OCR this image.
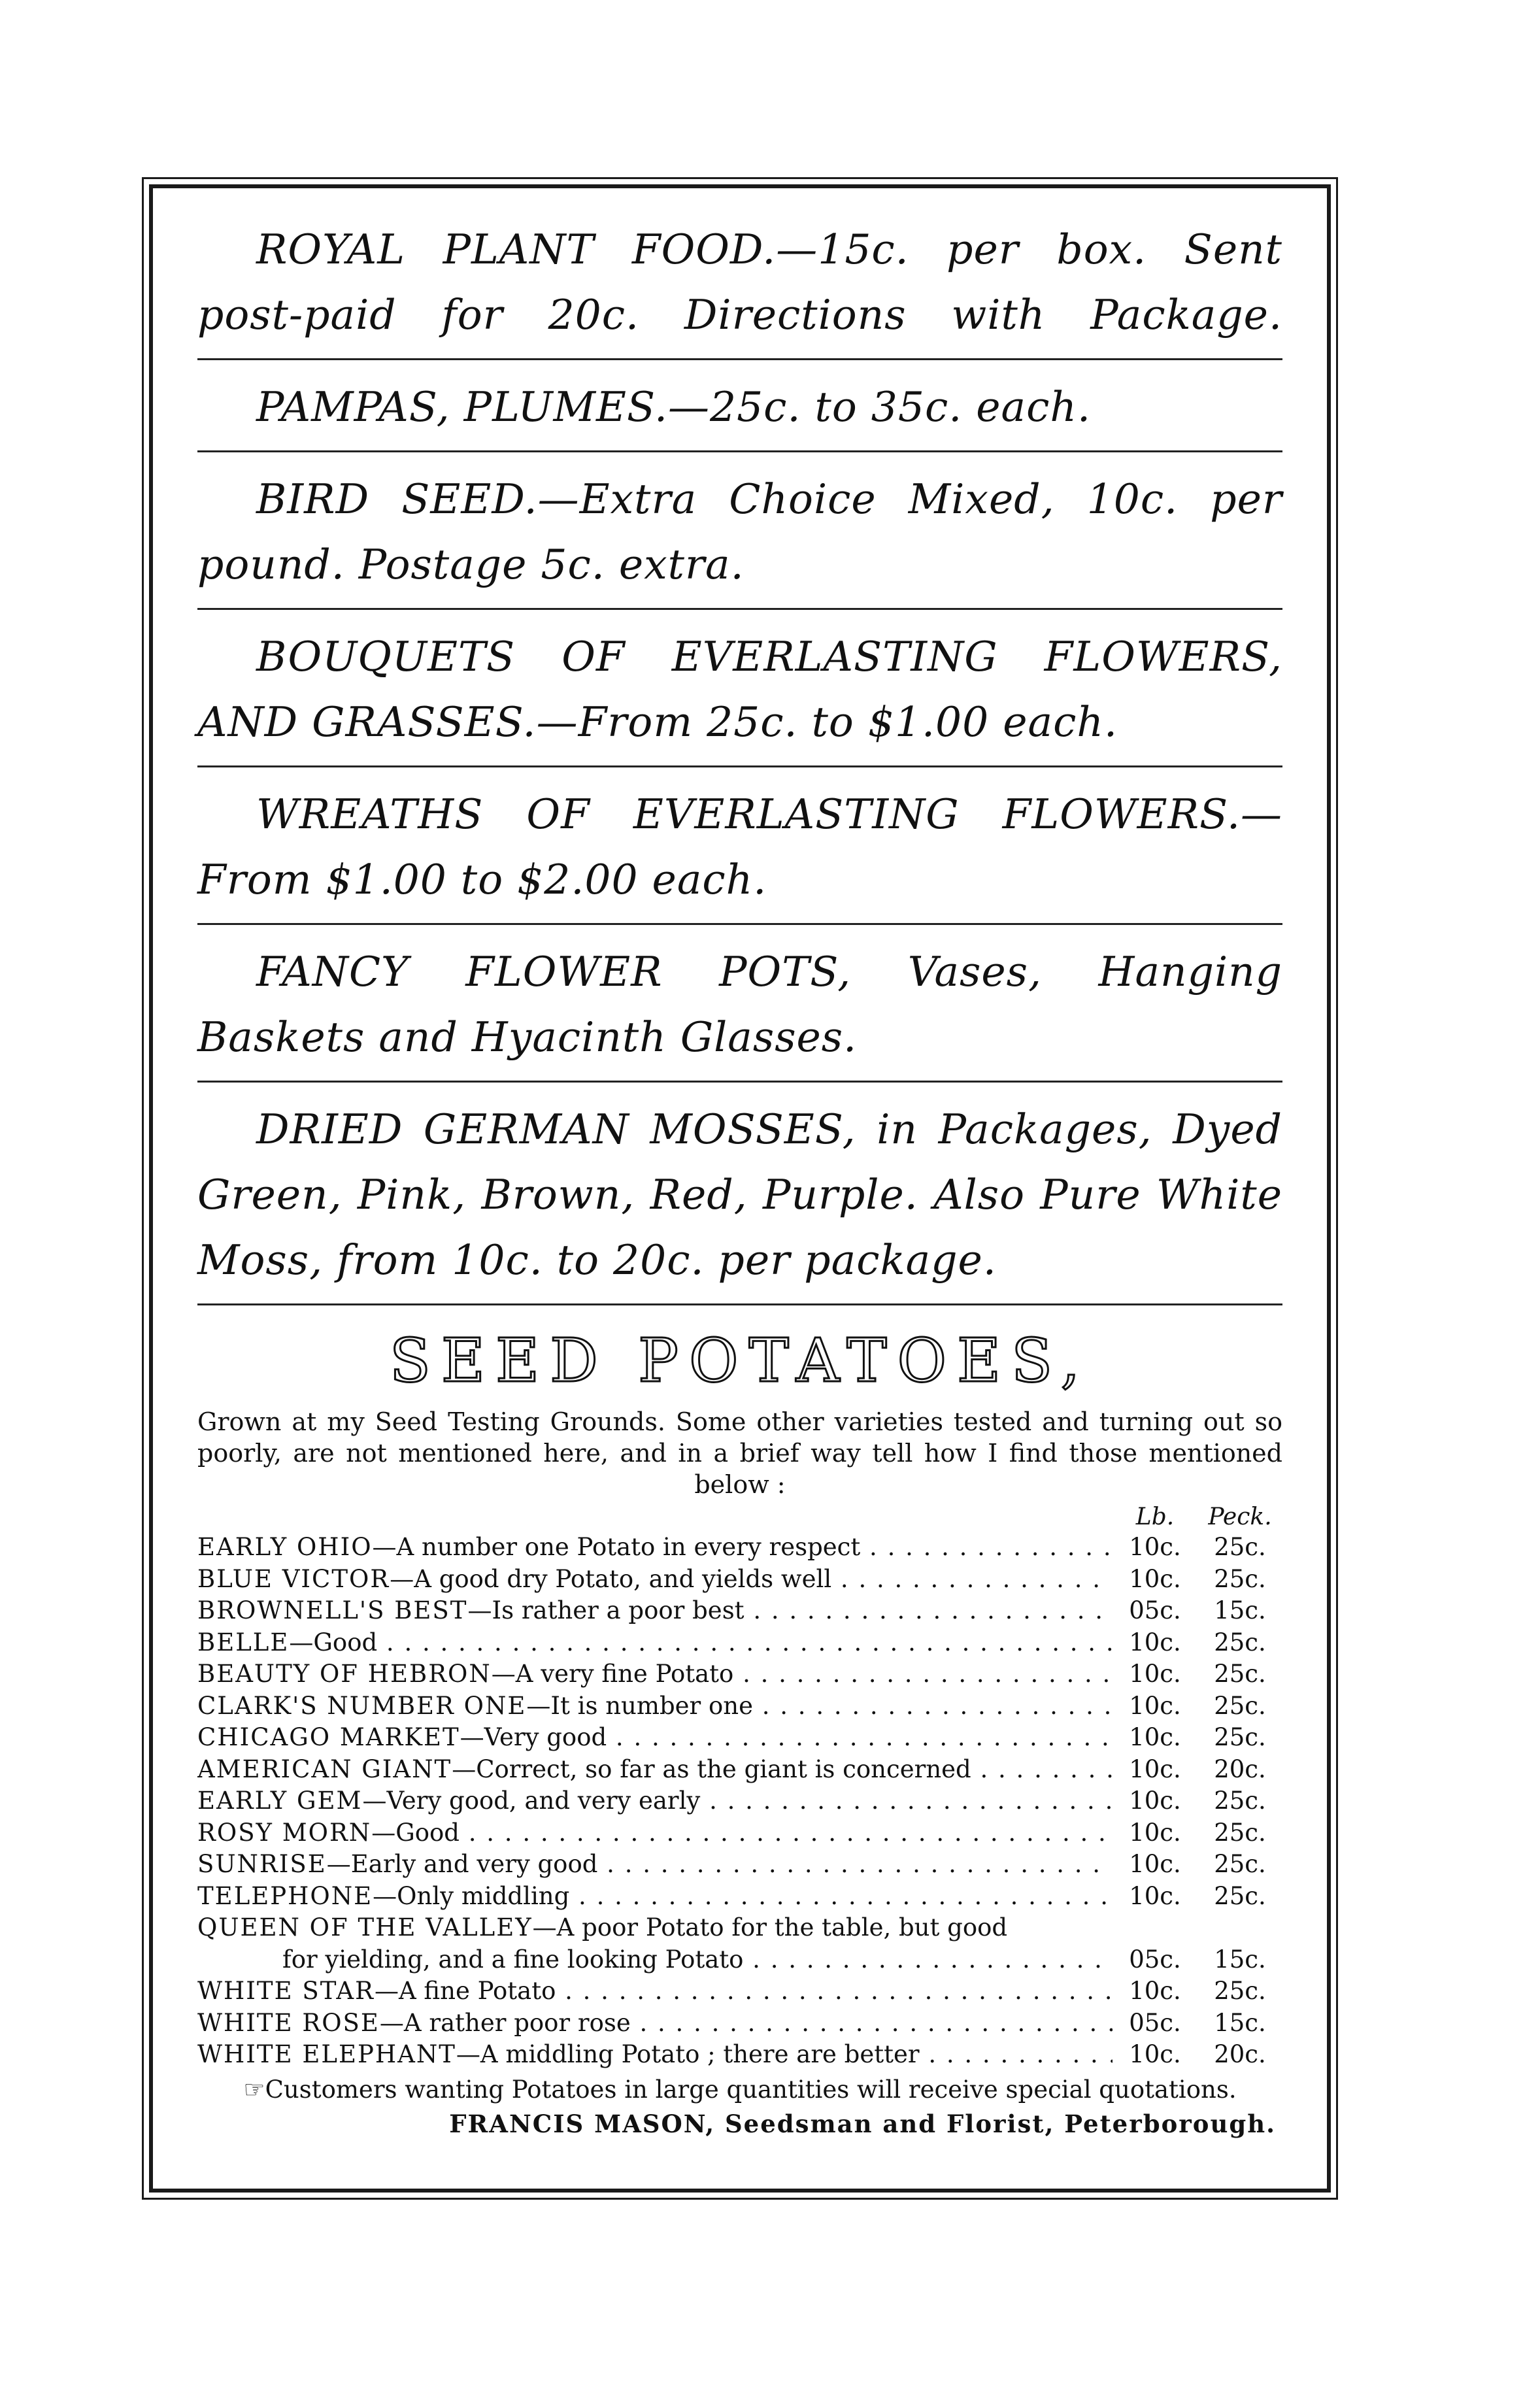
ROYAL PLANT FOOD.—15c. per box. Sent post-paid for 20c. Directions with Package.

PAMPAS, PLUMES.—25c. to 35c. each.

BIRD SEED.—Extra Choice Mixed, 10c. per pound. Postage 5c. extra.

BOUQUETS OF EVERLASTING FLOWERS, AND GRASSES.—From 25c. to $1.00 each.

WREATHS OF EVERLASTING FLOWERS.—From $1.00 to $2.00 each.

FANCY FLOWER POTS, Vases, Hanging Baskets and Hyacinth Glasses.

DRIED GERMAN MOSSES, in Packages, Dyed Green, Pink, Brown, Red, Purple. Also Pure White Moss, from 10c. to 20c. per package.

SEED POTATOES,
Grown at my Seed Testing Grounds. Some other varieties tested and turning out so poorly, are not mentioned here, and in a brief way tell how I find those mentioned below :
Lb.	Peck.
EARLY OHIO—A number one Potato in every respect . . .	10c.	25c.
BLUE VICTOR—A good dry Potato, and yields well . . .	10c.	25c.
BROWNELL'S BEST—Is rather a poor best . . .	05c.	15c.
BELLE—Good . . .	10c.	25c.
BEAUTY OF HEBRON—A very fine Potato . . .	10c.	25c.
CLARK'S NUMBER ONE—It is number one . . .	10c.	25c.
CHICAGO MARKET—Very good . . .	10c.	25c.
AMERICAN GIANT—Correct, so far as the giant is concerned . . .	10c.	20c.
EARLY GEM—Very good, and very early . . .	10c.	25c.
ROSY MORN—Good . . .	10c.	25c.
SUNRISE—Early and very good . . .	10c.	25c.
TELEPHONE—Only middling . . .	10c.	25c.
QUEEN OF THE VALLEY—A poor Potato for the table, but good
for yielding, and a fine looking Potato . . .	05c.	15c.
WHITE STAR—A fine Potato . . .	10c.	25c.
WHITE ROSE—A rather poor rose . . .	05c.	15c.
WHITE ELEPHANT—A middling Potato ; there are better . . .	10c.	20c.
☞Customers wanting Potatoes in large quantities will receive special quotations.
FRANCIS MASON, Seedsman and Florist, Peterborough.
